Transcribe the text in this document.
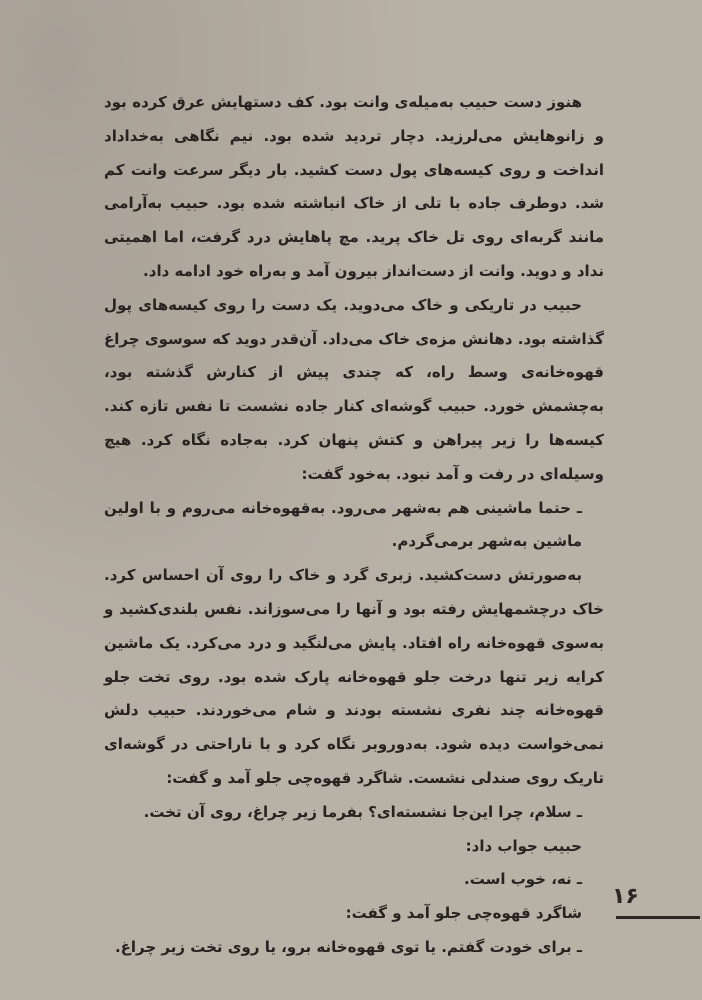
هنوز دست حبیب به‌میله‌ی وانت بود. کف دستهایش عرق کرده بود و زانوهایش می‌لرزید. دچار تردید شده بود. نیم نگاهی به‌خداداد انداخت و روی کیسه‌های پول دست کشید. بار دیگر سرعت وانت کم شد. دوطرف جاده با تلی از خاک انباشته شده بود. حبیب به‌آرامی مانند گربه‌ای روی تل خاک پرید. مچ پاهایش درد گرفت، اما اهمیتی نداد و دوید. وانت از دست‌انداز بیرون آمد و به‌راه خود ادامه داد.

حبیب در تاریکی و خاک می‌دوید. یک دست را روی کیسه‌های پول گذاشته بود. دهانش مزه‌ی خاک می‌داد. آن‌قدر دوید که سوسوی چراغ قهوه‌خانه‌ی وسط راه، که چندی پیش از کنارش گذشته بود، به‌چشمش خورد. حبیب گوشه‌ای کنار جاده نشست تا نفس تازه کند. کیسه‌ها را زیر پیراهن و کتش پنهان کرد. به‌جاده نگاه کرد. هیچ وسیله‌ای در رفت و آمد نبود. به‌خود گفت:

ـ حتما ماشینی هم به‌شهر می‌رود. به‌قهوه‌خانه می‌روم و با اولین ماشین به‌شهر برمی‌گردم.

به‌صورتش دست‌کشید. زبری گرد و خاک را روی آن احساس کرد. خاک درچشمهایش رفته بود و آنها را می‌سوزاند. نفس بلندی‌کشید و به‌سوی قهوه‌خانه راه افتاد. پایش می‌لنگید و درد می‌کرد. یک ماشین کرایه زیر تنها درخت جلو قهوه‌خانه پارک شده بود. روی تخت جلو قهوه‌خانه چند نفری نشسته بودند و شام می‌خوردند. حبیب دلش نمی‌خواست دیده شود. به‌دوروبر نگاه کرد و با ناراحتی در گوشه‌ای تاریک روی صندلی نشست. شاگرد قهوه‌چی جلو آمد و گفت:

ـ سلام، چرا این‌جا نشسته‌ای؟ بفرما زیر چراغ، روی آن تخت.

حبیب جواب داد:

ـ نه، خوب است.

شاگرد قهوه‌چی جلو آمد و گفت:

ـ برای خودت گفتم. یا توی قهوه‌خانه برو، یا روی تخت زیر چراغ.

۱۶
